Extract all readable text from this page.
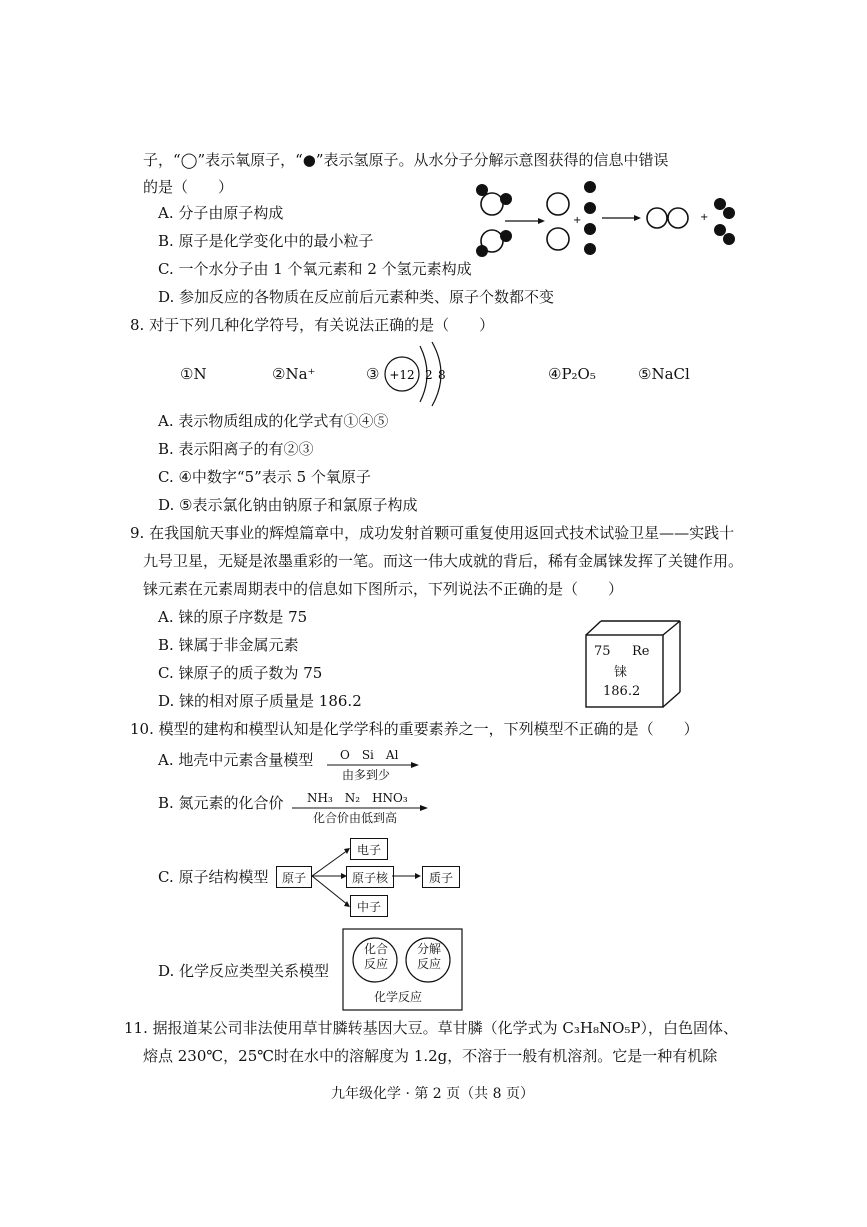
子，“◯”表示氧原子，“●”表示氢原子。从水分子分解示意图获得的信息中错误
的是（　　）
A. 分子由原子构成
B. 原子是化学变化中的最小粒子
C. 一个水分子由 1 个氧元素和 2 个氢元素构成
D. 参加反应的各物质在反应前后元素种类、原子个数都不变
+	+
8. 对于下列几种化学符号，有关说法正确的是（　　）
①N	②Na⁺	③ +12 2 8	④P₂O₅	⑤NaCl
A. 表示物质组成的化学式有①④⑤
B. 表示阳离子的有②③
C. ④中数字“5”表示 5 个氧原子
D. ⑤表示氯化钠由钠原子和氯原子构成
9. 在我国航天事业的辉煌篇章中，成功发射首颗可重复使用返回式技术试验卫星——实践十
九号卫星，无疑是浓墨重彩的一笔。而这一伟大成就的背后，稀有金属铼发挥了关键作用。
铼元素在元素周期表中的信息如下图所示，下列说法不正确的是（　　）
A. 铼的原子序数是 75
B. 铼属于非金属元素
C. 铼原子的质子数为 75
D. 铼的相对原子质量是 186.2
75 Re
铼
186.2
10. 模型的建构和模型认知是化学学科的重要素养之一，下列模型不正确的是（　　）
A. 地壳中元素含量模型 O　Si　Al
由多到少
B. 氮元素的化合价 NH₃　N₂　HNO₃
化合价由低到高
C. 原子结构模型	原子
电子
原子核
中子
质子
D. 化学反应类型关系模型
化合
反应
分解
反应
化学反应
11. 据报道某公司非法使用草甘膦转基因大豆。草甘膦（化学式为 C₃H₈NO₅P），白色固体、
熔点 230℃，25℃时在水中的溶解度为 1.2g，不溶于一般有机溶剂。它是一种有机除
九年级化学 · 第 2 页（共 8 页）
